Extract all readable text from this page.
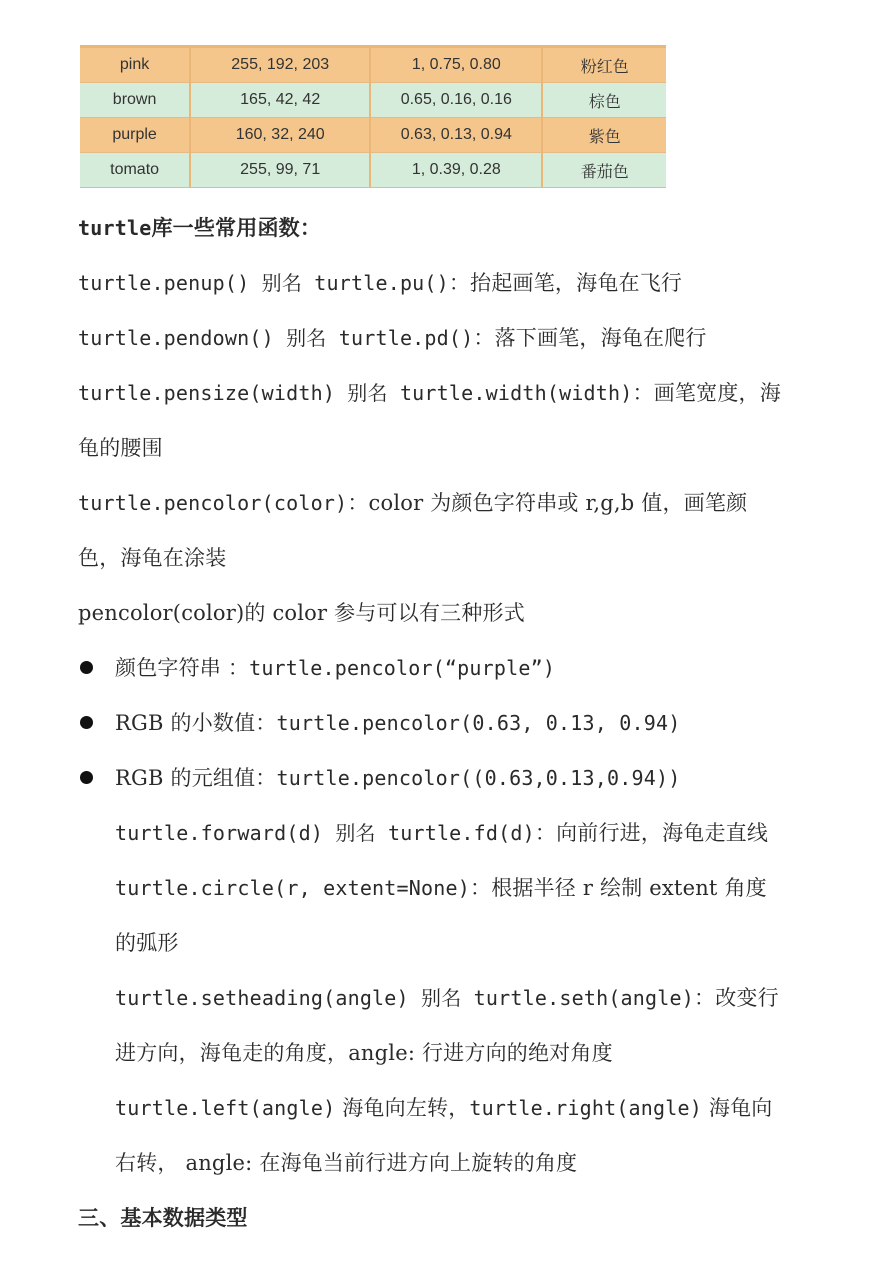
pink	255, 192, 203	1, 0.75, 0.80	粉红色
brown	165, 42, 42	0.65, 0.16, 0.16	棕色
purple	160, 32, 240	0.63, 0.13, 0.94	紫色
tomato	255, 99, 71	1, 0.39, 0.28	番茄色
turtle库一些常用函数：
turtle.penup() 别名 turtle.pu()：抬起画笔，海龟在飞行
turtle.pendown() 别名 turtle.pd()：落下画笔，海龟在爬行
turtle.pensize(width) 别名 turtle.width(width)：画笔宽度，海
龟的腰围
turtle.pencolor(color)：color 为颜色字符串或 r,g,b 值，画笔颜
色，海龟在涂装
pencolor(color)的 color 参与可以有三种形式
颜色字符串 ：turtle.pencolor(“purple”)
RGB 的小数值：turtle.pencolor(0.63, 0.13, 0.94)
RGB 的元组值：turtle.pencolor((0.63,0.13,0.94))
turtle.forward(d) 别名 turtle.fd(d)：向前行进，海龟走直线
turtle.circle(r, extent=None)：根据半径 r 绘制 extent 角度
的弧形
turtle.setheading(angle) 别名 turtle.seth(angle)：改变行
进方向，海龟走的角度，angle: 行进方向的绝对角度
turtle.left(angle) 海龟向左转，turtle.right(angle) 海龟向
右转， angle: 在海龟当前行进方向上旋转的角度
三、基本数据类型
